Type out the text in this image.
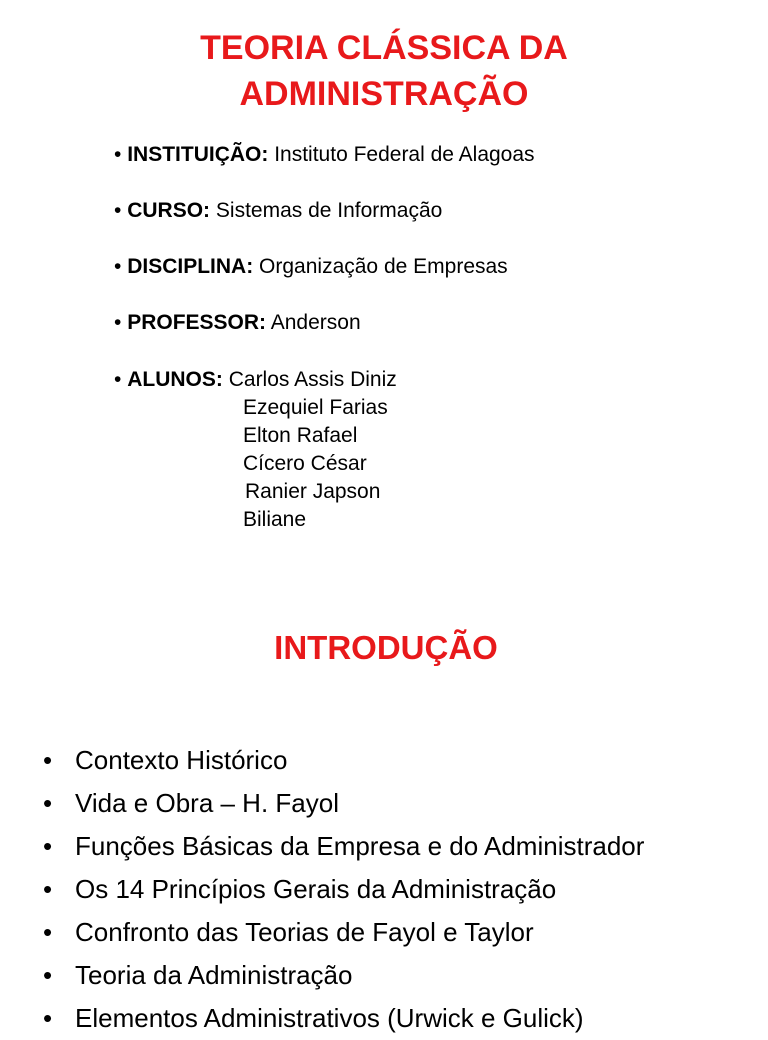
TEORIA CLÁSSICA DA
ADMINISTRAÇÃO
• INSTITUIÇÃO: Instituto Federal de Alagoas
• CURSO: Sistemas de Informação
• DISCIPLINA: Organização de Empresas
• PROFESSOR: Anderson
• ALUNOS: Carlos Assis Diniz
Ezequiel Farias
Elton Rafael
Cícero César
Ranier Japson
Biliane
INTRODUÇÃO
• Contexto Histórico
• Vida e Obra – H. Fayol
• Funções Básicas da Empresa e do Administrador
• Os 14 Princípios Gerais da Administração
• Confronto das Teorias de Fayol e Taylor
• Teoria da Administração
• Elementos Administrativos (Urwick e Gulick)
